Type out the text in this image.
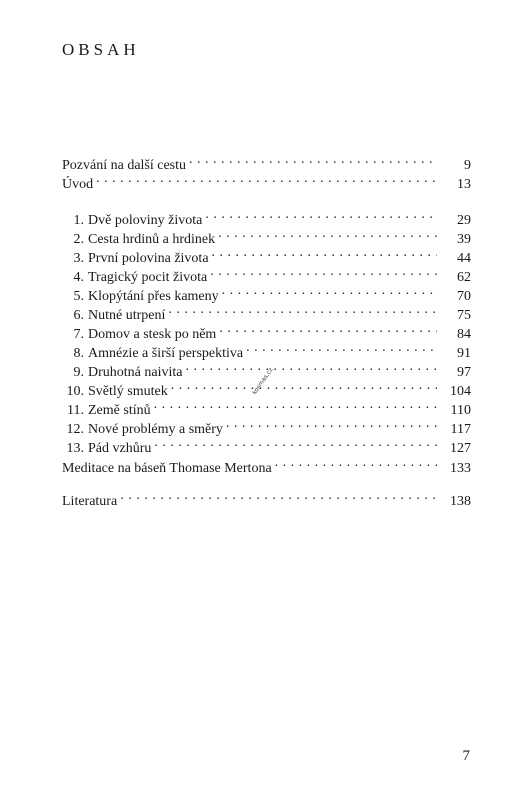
OBSAH
Pozvání na další cestu . . .	9
Úvod . . .	13
1. Dvě poloviny života . . .	29
2. Cesta hrdinů a hrdinek . . .	39
3. První polovina života . . .	44
4. Tragický pocit života . . .	62
5. Klopýtání přes kameny . . .	70
6. Nutné utrpení . . .	75
7. Domov a stesk po něm . . .	84
8. Amnézie a širší perspektiva . . .	91
9. Druhotná naivita . . .	97
10. Světlý smutek . . .	104
11. Země stínů . . .	110
12. Nové problémy a směry . . .	117
13. Pád vzhůru . . .	127
Meditace na báseň Thomase Mertona . . .	133
Literatura . . .	138
kosmas.cz
7
